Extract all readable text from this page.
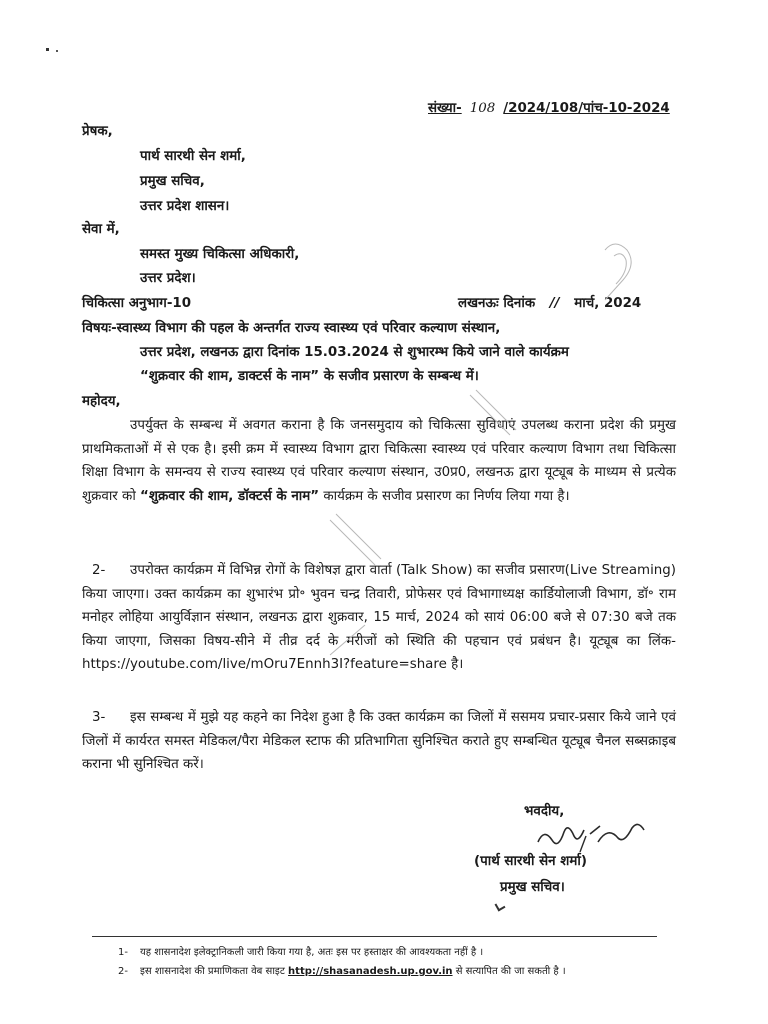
संख्या- 108 /2024/108/पांच-10-2024
प्रेषक,
पार्थ सारथी सेन शर्मा,
प्रमुख सचिव,
उत्तर प्रदेश शासन।
सेवा में,
समस्त मुख्य चिकित्सा अधिकारी,
उत्तर प्रदेश।
चिकित्सा अनुभाग-10	लखनऊः दिनांक // मार्च, 2024
विषयः-स्वास्थ्य विभाग की पहल के अन्तर्गत राज्य स्वास्थ्य एवं परिवार कल्याण संस्थान,
उत्तर प्रदेश, लखनऊ द्वारा दिनांक 15.03.2024 से शुभारम्भ किये जाने वाले कार्यक्रम
“शुक्रवार की शाम, डाक्टर्स के नाम” के सजीव प्रसारण के सम्बन्ध में।
महोदय,
उपर्युक्त के सम्बन्ध में अवगत कराना है कि जनसमुदाय को चिकित्सा सुविधाएं उपलब्ध कराना प्रदेश की प्रमुख प्राथमिकताओं में से एक है। इसी क्रम में स्वास्थ्य विभाग द्वारा चिकित्सा स्वास्थ्य एवं परिवार कल्याण विभाग तथा चिकित्सा शिक्षा विभाग के समन्वय से राज्य स्वास्थ्य एवं परिवार कल्याण संस्थान, उ0प्र0, लखनऊ द्वारा यूट्यूब के माध्यम से प्रत्येक शुक्रवार को “शुक्रवार की शाम, डॉक्टर्स के नाम” कार्यक्रम के सजीव प्रसारण का निर्णय लिया गया है।
2-	उपरोक्त कार्यक्रम में विभिन्न रोगों के विशेषज्ञ द्वारा वार्ता (Talk Show) का सजीव प्रसारण(Live Streaming) किया जाएगा। उक्त कार्यक्रम का शुभारंभ प्रो॰ भुवन चन्द्र तिवारी, प्रोफेसर एवं विभागाध्यक्ष कार्डियोलाजी विभाग, डॉ॰ राम मनोहर लोहिया आयुर्विज्ञान संस्थान, लखनऊ द्वारा शुक्रवार, 15 मार्च, 2024 को सायं 06:00 बजे से 07:30 बजे तक किया जाएगा, जिसका विषय-सीने में तीव्र दर्द के मरीजों को स्थिति की पहचान एवं प्रबंधन है। यूट्यूब का लिंक-https://youtube.com/live/mOru7Ennh3I?feature=share है।
3-	इस सम्बन्ध में मुझे यह कहने का निदेश हुआ है कि उक्त कार्यक्रम का जिलों में ससमय प्रचार-प्रसार किये जाने एवं जिलों में कार्यरत समस्त मेडिकल/पैरा मेडिकल स्टाफ की प्रतिभागिता सुनिश्चित कराते हुए सम्बन्धित यूट्यूब चैनल सब्सक्राइब कराना भी सुनिश्चित करें।
भवदीय,
(पार्थ सारथी सेन शर्मा)
प्रमुख सचिव।
1- यह शासनादेश इलेक्ट्रानिकली जारी किया गया है, अतः इस पर हस्ताक्षर की आवश्यकता नहीं है ।
2- इस शासनादेश की प्रमाणिकता वेब साइट http://shasanadesh.up.gov.in से सत्यापित की जा सकती है ।
